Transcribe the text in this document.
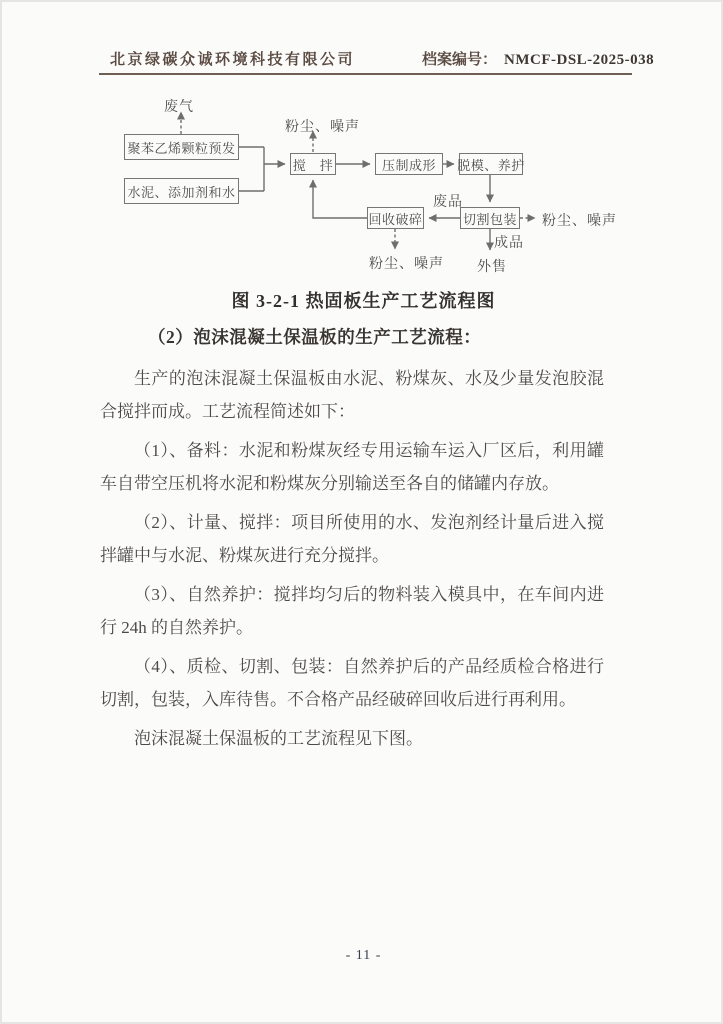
北京绿碳众诚环境科技有限公司	档案编号： NMCF-DSL-2025-038
聚苯乙烯颗粒预发
水泥、添加剂和水
搅　拌	压制成形	脱模、养护
切割包装
回收破碎
废气
粉尘、噪声
废品
粉尘、噪声
成品
外售
粉尘、噪声
图 3-2-1 热固板生产工艺流程图
（2）泡沫混凝土保温板的生产工艺流程：

生产的泡沫混凝土保温板由水泥、粉煤灰、水及少量发泡胶混合搅拌而成。工艺流程简述如下：

（1）、备料：水泥和粉煤灰经专用运输车运入厂区后，利用罐车自带空压机将水泥和粉煤灰分别输送至各自的储罐内存放。

（2）、计量、搅拌：项目所使用的水、发泡剂经计量后进入搅拌罐中与水泥、粉煤灰进行充分搅拌。

（3）、自然养护：搅拌均匀后的物料装入模具中，在车间内进行 24h 的自然养护。

（4）、质检、切割、包装：自然养护后的产品经质检合格进行切割，包装，入库待售。不合格产品经破碎回收后进行再利用。

泡沫混凝土保温板的工艺流程见下图。

- 11 -
